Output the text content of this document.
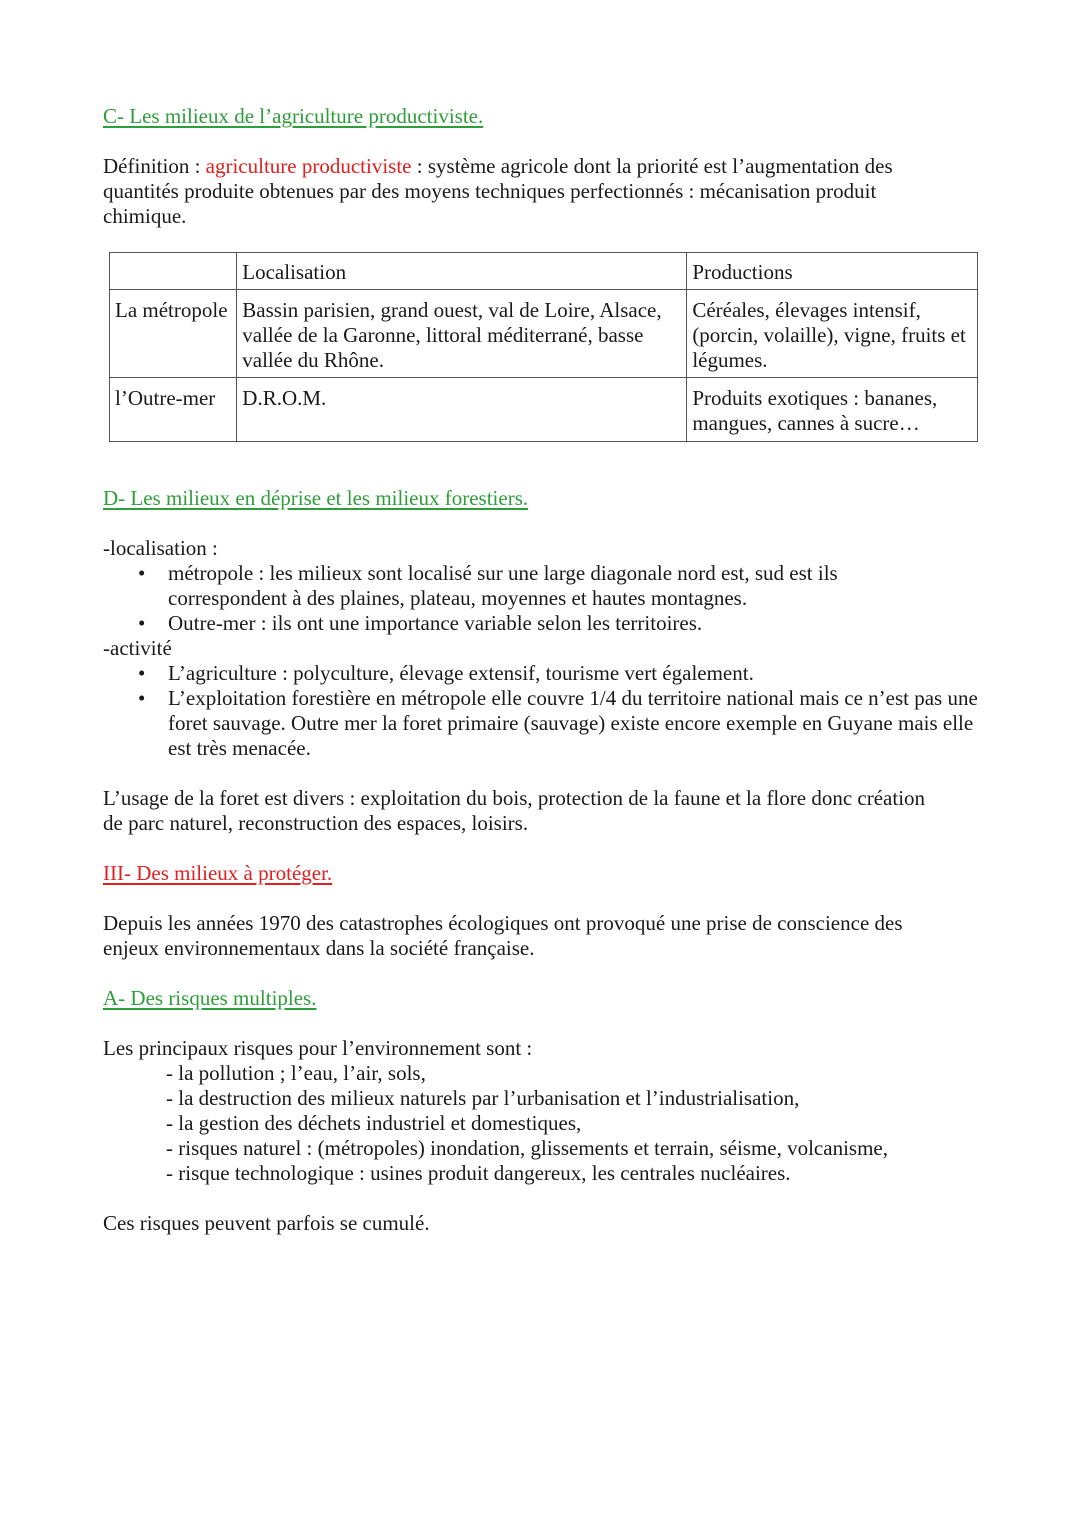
C- Les milieux de l’agriculture productiviste.

Définition : agriculture productiviste : système agricole dont la priorité est l’augmentation des
quantités produite obtenues par des moyens techniques perfectionnés : mécanisation produit
chimique.
	Localisation	Productions
La métropole	Bassin parisien, grand ouest, val de Loire, Alsace, vallée de la Garonne, littoral méditerrané, basse vallée du Rhône.	Céréales, élevages intensif, (porcin, volaille), vigne, fruits et légumes.
l’Outre-mer	D.R.O.M.	Produits exotiques : bananes, mangues, cannes à sucre…

D- Les milieux en déprise et les milieux forestiers.

-localisation :
• métropole : les milieux sont localisé sur une large diagonale nord est, sud est ils correspondent à des plaines, plateau, moyennes et hautes montagnes.
• Outre-mer : ils ont une importance variable selon les territoires.
-activité
• L’agriculture : polyculture, élevage extensif, tourisme vert également.
• L’exploitation forestière en métropole elle couvre 1/4 du territoire national mais ce n’est pas une foret sauvage. Outre mer la foret primaire (sauvage) existe encore exemple en Guyane mais elle est très menacée.
L’usage de la foret est divers : exploitation du bois, protection de la faune et la flore donc création
de parc naturel, reconstruction des espaces, loisirs.

III- Des milieux à protéger.

Depuis les années 1970 des catastrophes écologiques ont provoqué une prise de conscience des
enjeux environnementaux dans la société française.

A- Des risques multiples.

Les principaux risques pour l’environnement sont :
- la pollution ; l’eau, l’air, sols,
- la destruction des milieux naturels par l’urbanisation et l’industrialisation,
- la gestion des déchets industriel et domestiques,
- risques naturel : (métropoles) inondation, glissements et terrain, séisme, volcanisme,
- risque technologique : usines produit dangereux, les centrales nucléaires.
Ces risques peuvent parfois se cumulé.
